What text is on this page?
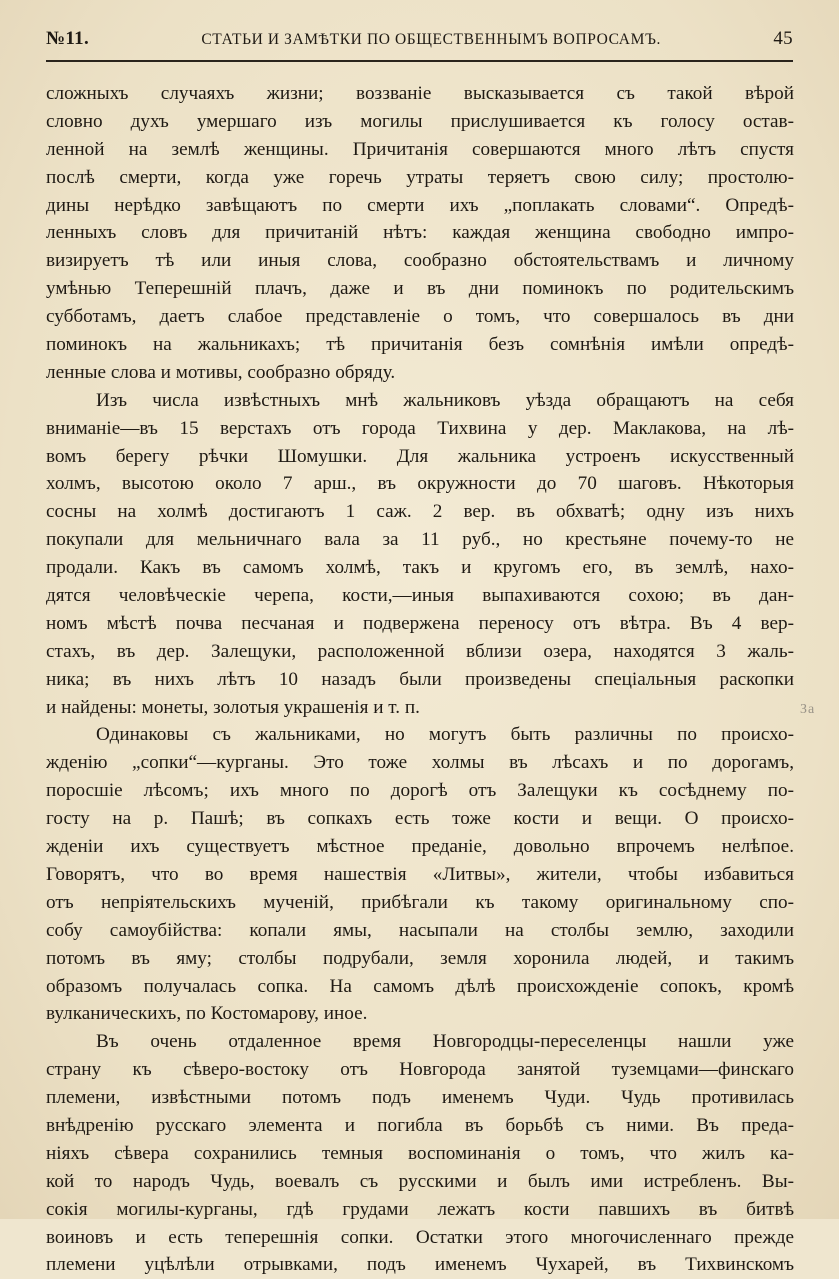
№11.	СТАТЬИ И ЗАМѢТКИ ПО ОБЩЕСТВЕННЫМЪ ВОПРОСАМЪ.	45
сложныхъ случаяхъ жизни; воззваніе высказывается съ такой вѣрой
словно духъ умершаго изъ могилы прислушивается къ голосу остав-
ленной на землѣ женщины. Причитанія совершаются много лѣтъ спустя
послѣ смерти, когда уже горечь утраты теряетъ свою силу; простолю-
дины нерѣдко завѣщаютъ по смерти ихъ „поплакать словами“. Опредѣ-
ленныхъ словъ для причитаній нѣтъ: каждая женщина свободно импро-
визируетъ тѣ или иныя слова, сообразно обстоятельствамъ и личному
умѣнью Теперешній плачъ, даже и въ дни поминокъ по родительскимъ
субботамъ, даетъ слабое представленіе о томъ, что совершалось въ дни
поминокъ на жальникахъ; тѣ причитанія безъ сомнѣнія имѣли опредѣ-
ленные слова и мотивы, сообразно обряду.
Изъ числа извѣстныхъ мнѣ жальниковъ уѣзда обращаютъ на себя
вниманіе—въ 15 верстахъ отъ города Тихвина у дер. Маклакова, на лѣ-
вомъ берегу рѣчки Шомушки. Для жальника устроенъ искусственный
холмъ, высотою около 7 арш., въ окружности до 70 шаговъ. Нѣкоторыя
сосны на холмѣ достигаютъ 1 саж. 2 вер. въ обхватѣ; одну изъ нихъ
покупали для мельничнаго вала за 11 руб., но крестьяне почему-то не
продали. Какъ въ самомъ холмѣ, такъ и кругомъ его, въ землѣ, нахо-
дятся человѣческіе черепа, кости,—иныя выпахиваются сохою; въ дан-
номъ мѣстѣ почва песчаная и подвержена переносу отъ вѣтра. Въ 4 вер-
стахъ, въ дер. Залещуки, расположенной вблизи озера, находятся 3 жаль-
ника; въ нихъ лѣтъ 10 назадъ были произведены спеціальныя раскопки
и найдены: монеты, золотыя украшенія и т. п.
Одинаковы съ жальниками, но могутъ быть различны по происхо-
жденію „сопки“—курганы. Это тоже холмы въ лѣсахъ и по дорогамъ,
поросшіе лѣсомъ; ихъ много по дорогѣ отъ Залещуки къ сосѣднему по-
госту на р. Пашѣ; въ сопкахъ есть тоже кости и вещи. О происхо-
жденіи ихъ существуетъ мѣстное преданіе, довольно впрочемъ нелѣпое.
Говорятъ, что во время нашествія «Литвы», жители, чтобы избавиться
отъ непріятельскихъ мученій, прибѣгали къ такому оригинальному спо-
собу самоубійства: копали ямы, насыпали на столбы землю, заходили
потомъ въ яму; столбы подрубали, земля хоронила людей, и такимъ
образомъ получалась сопка. На самомъ дѣлѣ происхожденіе сопокъ, кромѣ
вулканическихъ, по Костомарову, иное.
Въ очень отдаленное время Новгородцы-переселенцы нашли уже
страну къ сѣверо-востоку отъ Новгорода занятой туземцами—финскаго
племени, извѣстными потомъ подъ именемъ Чуди. Чудь противилась
внѣдренію русскаго элемента и погибла въ борьбѣ съ ними. Въ преда-
ніяхъ сѣвера сохранились темныя воспоминанія о томъ, что жилъ ка-
кой то народъ Чудь, воевалъ съ русскими и былъ ими истребленъ. Вы-
сокія могилы-курганы, гдѣ грудами лежатъ кости павшихъ въ битвѣ
воиновъ и есть теперешнія сопки. Остатки этого многочисленнаго прежде
племени уцѣлѣли отрывками, подъ именемъ Чухарей, въ Тихвинскомъ
За
